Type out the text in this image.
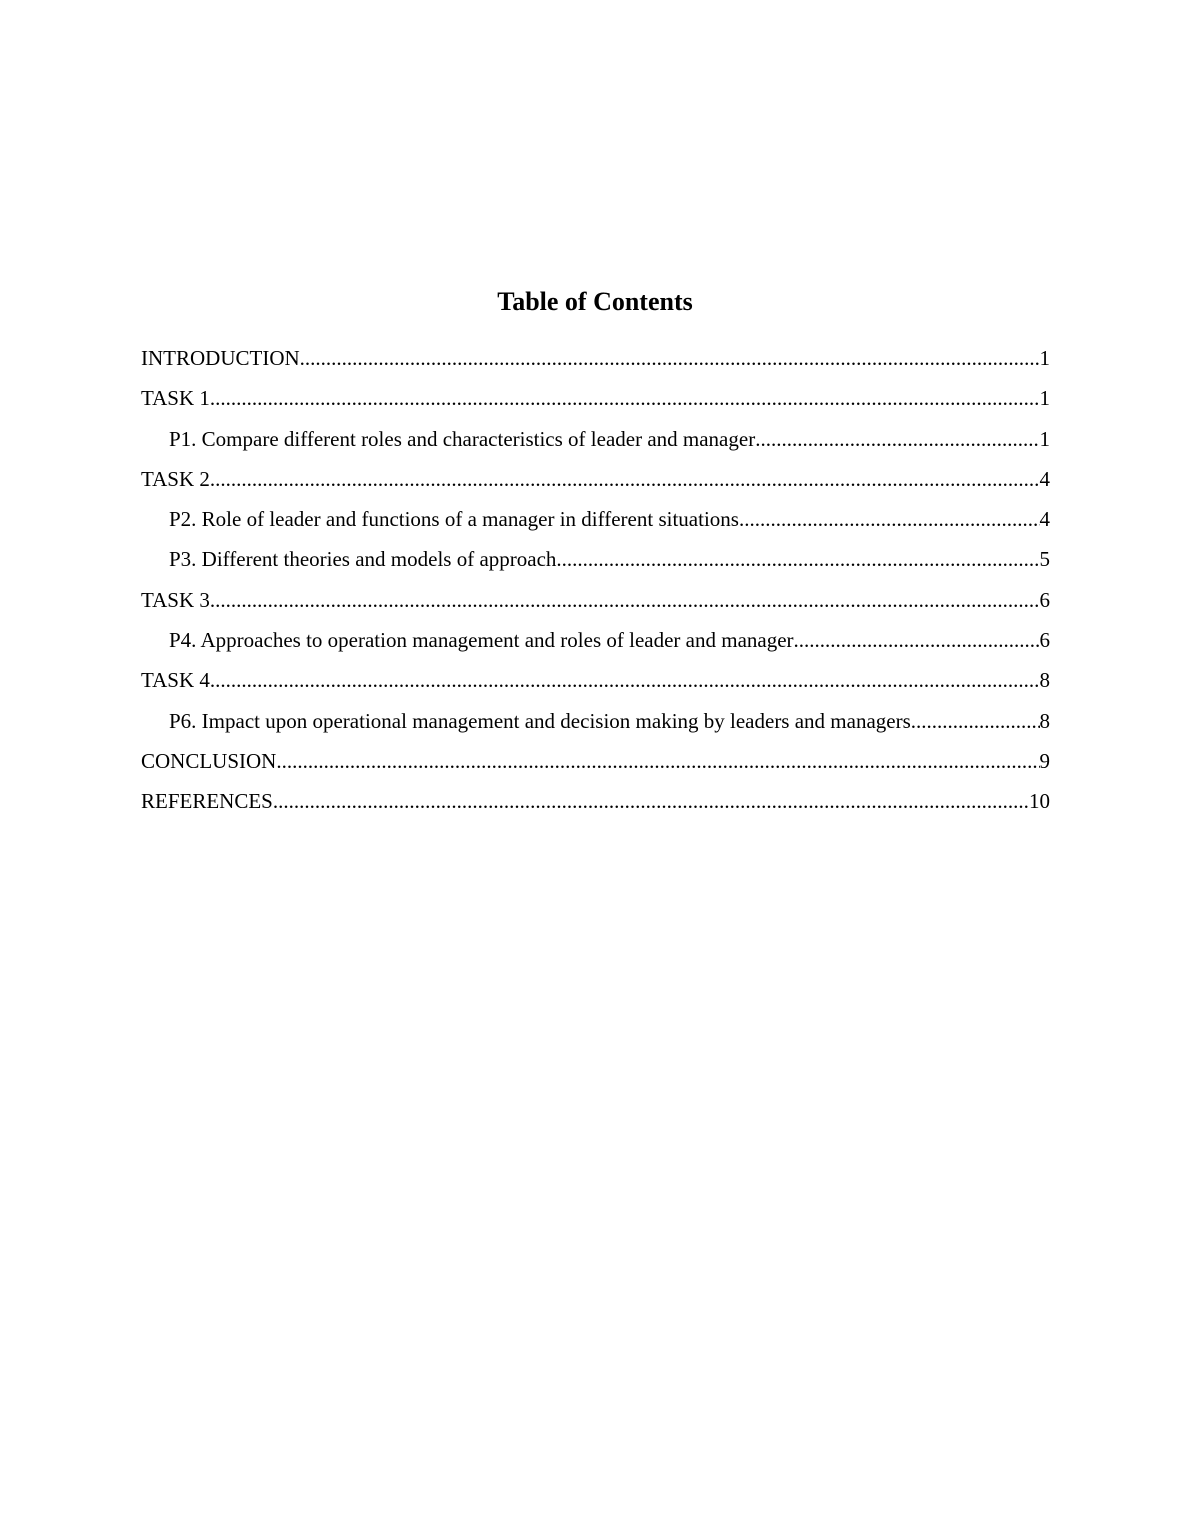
Table of Contents
INTRODUCTION .....	1
TASK 1 .....	1
P1. Compare different roles and characteristics of leader and manager .....	1
TASK 2 .....	4
P2. Role of leader and functions of a manager in different situations .....	4
P3. Different theories and models of approach .....	5
TASK 3 .....	6
P4. Approaches to operation management and roles of leader and manager .....	6
TASK 4 .....	8
P6. Impact upon operational management and decision making by leaders and managers .....	8
CONCLUSION .....	9
REFERENCES .....	10
